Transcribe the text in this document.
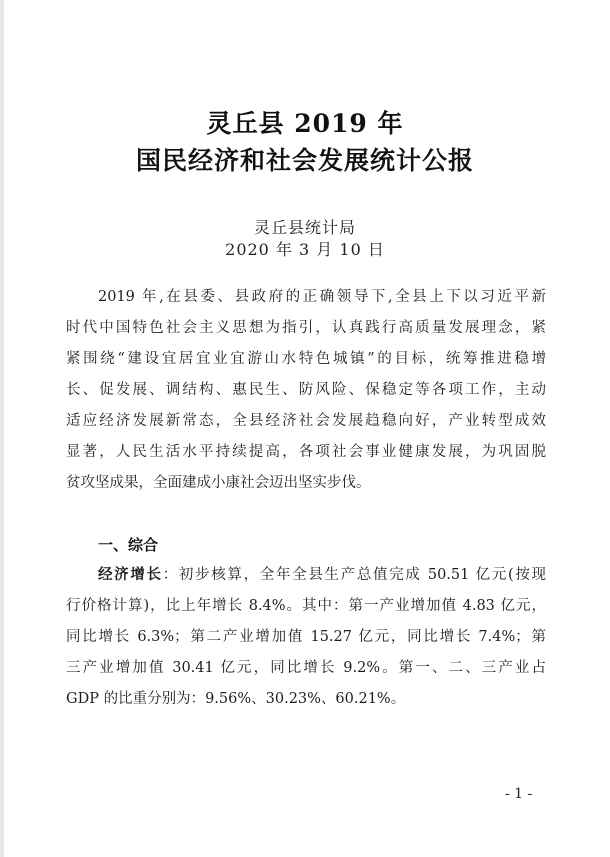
灵丘县 2019 年
国民经济和社会发展统计公报
灵丘县统计局
2020 年 3 月 10 日
2019 年,在县委、县政府的正确领导下,全县上下以习近平新
时代中国特色社会主义思想为指引，认真践行高质量发展理念，紧
紧围绕“建设宜居宜业宜游山水特色城镇”的目标，统筹推进稳增
长、促发展、调结构、惠民生、防风险、保稳定等各项工作，主动
适应经济发展新常态，全县经济社会发展趋稳向好，产业转型成效
显著，人民生活水平持续提高，各项社会事业健康发展，为巩固脱
贫攻坚成果，全面建成小康社会迈出坚实步伐。
一、综合
经济增长：初步核算，全年全县生产总值完成 50.51 亿元(按现
行价格计算)，比上年增长 8.4%。其中：第一产业增加值 4.83 亿元，
同比增长 6.3%；第二产业增加值 15.27 亿元，同比增长 7.4%；第
三产业增加值 30.41 亿元，同比增长 9.2%。第一、二、三产业占
GDP 的比重分别为：9.56%、30.23%、60.21%。
- 1 -
